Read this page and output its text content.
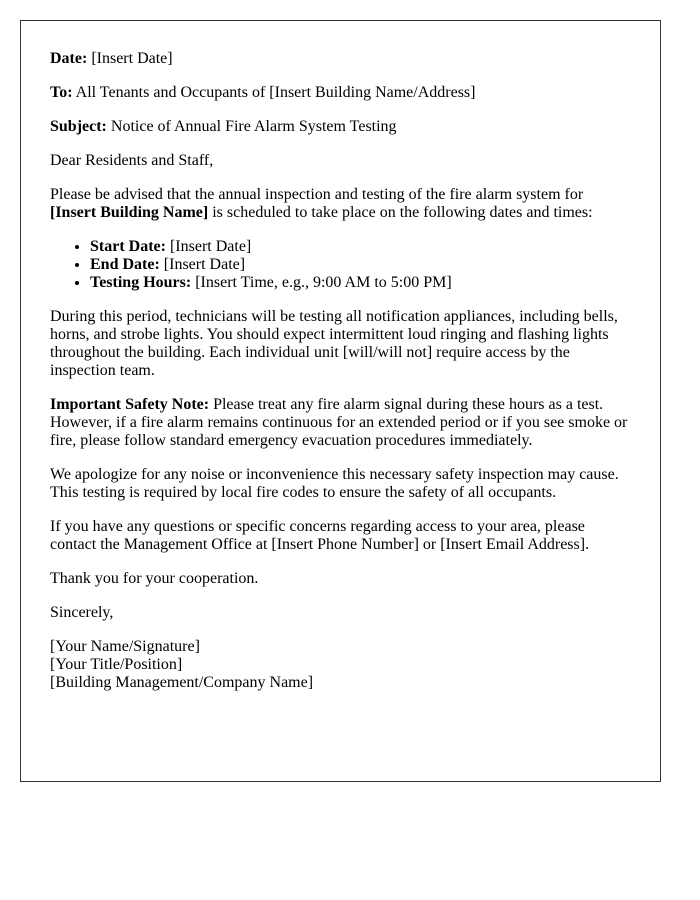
Date: [Insert Date]

To: All Tenants and Occupants of [Insert Building Name/Address]

Subject: Notice of Annual Fire Alarm System Testing

Dear Residents and Staff,

Please be advised that the annual inspection and testing of the fire alarm system for [Insert Building Name] is scheduled to take place on the following dates and times:

• Start Date: [Insert Date]
• End Date: [Insert Date]
• Testing Hours: [Insert Time, e.g., 9:00 AM to 5:00 PM]

During this period, technicians will be testing all notification appliances, including bells, horns, and strobe lights. You should expect intermittent loud ringing and flashing lights throughout the building. Each individual unit [will/will not] require access by the inspection team.

Important Safety Note: Please treat any fire alarm signal during these hours as a test. However, if a fire alarm remains continuous for an extended period or if you see smoke or fire, please follow standard emergency evacuation procedures immediately.

We apologize for any noise or inconvenience this necessary safety inspection may cause. This testing is required by local fire codes to ensure the safety of all occupants.

If you have any questions or specific concerns regarding access to your area, please contact the Management Office at [Insert Phone Number] or [Insert Email Address].

Thank you for your cooperation.

Sincerely,

[Your Name/Signature]
[Your Title/Position]
[Building Management/Company Name]
